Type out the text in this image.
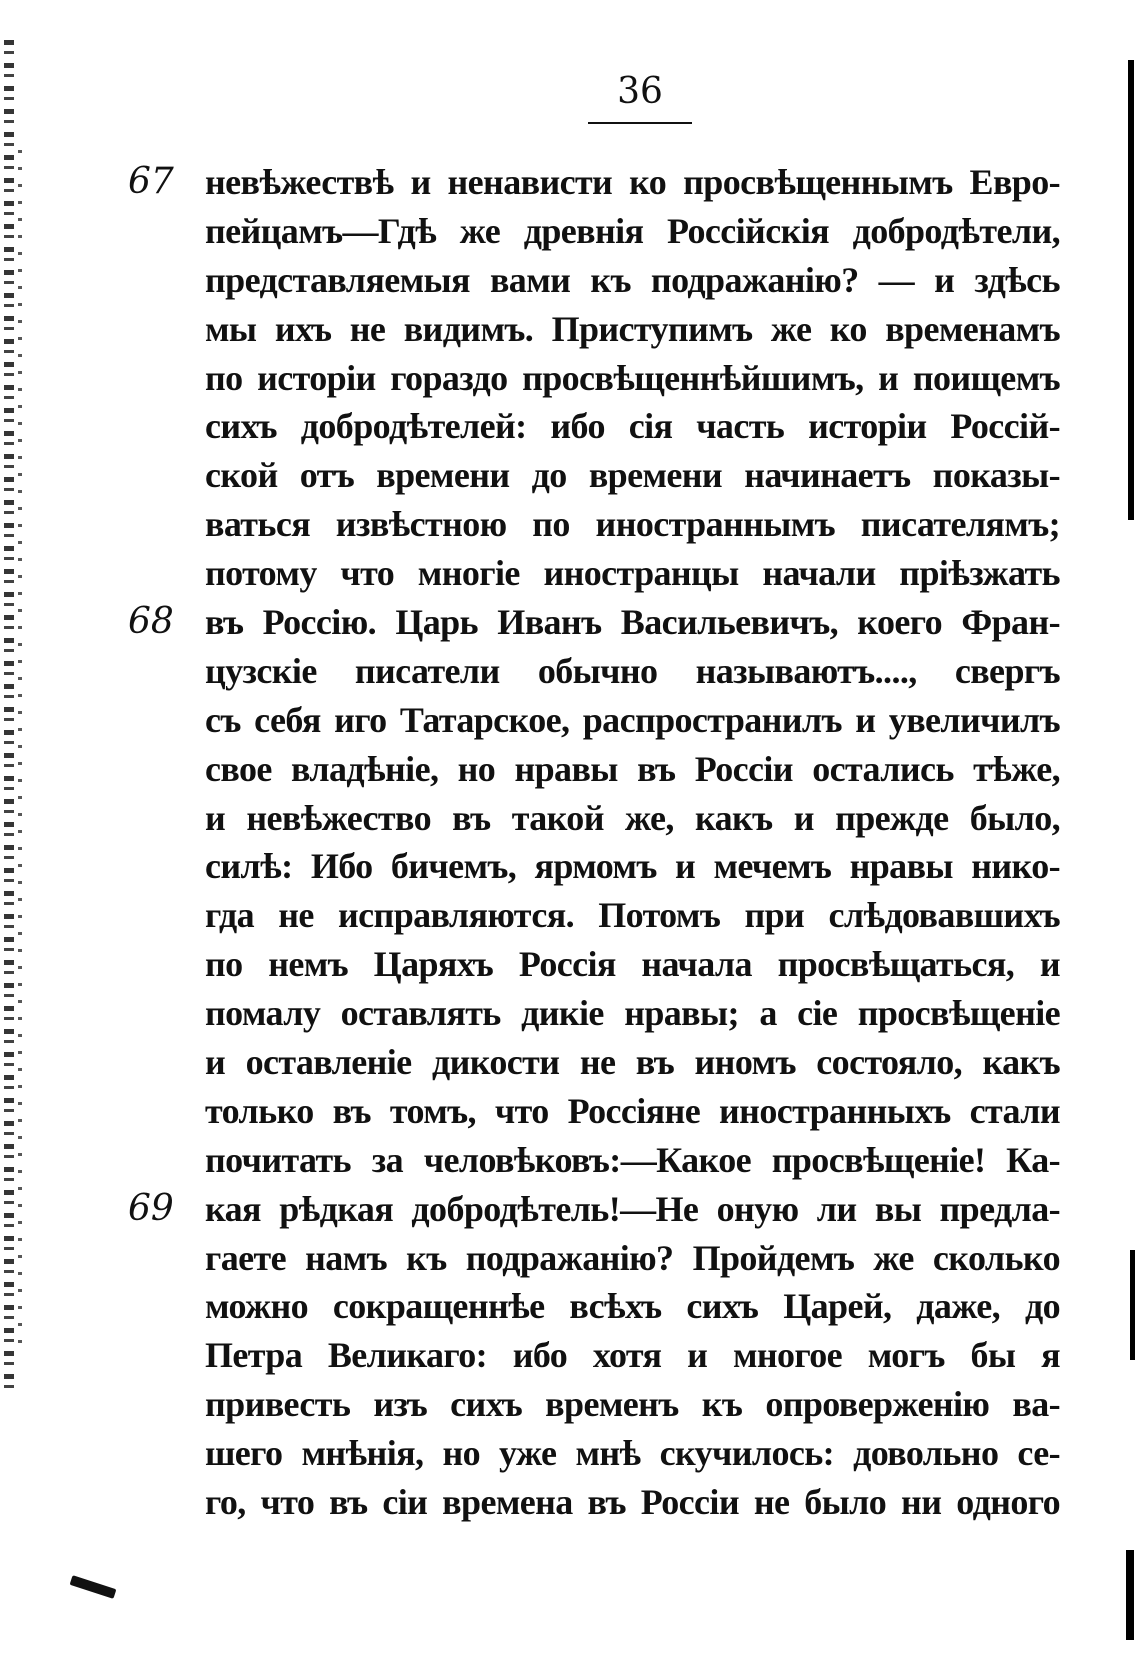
36
67
68
69
невѣжествѣ и ненависти ко просвѣщеннымъ Евро-
пейцамъ—Гдѣ же древнія Россійскія добродѣтели,
представляемыя вами къ подражанію? — и здѣсь
мы ихъ не видимъ. Приступимъ же ко временамъ
по исторіи гораздо просвѣщеннѣйшимъ, и поищемъ
сихъ добродѣтелей: ибо сія часть исторіи Россій-
ской отъ времени до времени начинаетъ показы-
ваться извѣстною по иностраннымъ писателямъ;
потому что многіе иностранцы начали пріѣзжать
въ Россію. Царь Иванъ Васильевичъ, коего Фран-
цузскіе писатели обычно называютъ...., свергъ
съ себя иго Татарское, распространилъ и увеличилъ
свое владѣніе, но нравы въ Россіи остались тѣже,
и невѣжество въ такой же, какъ и прежде было,
силѣ: Ибо бичемъ, ярмомъ и мечемъ нравы нико-
гда не исправляются. Потомъ при слѣдовавшихъ
по немъ Царяхъ Россія начала просвѣщаться, и
помалу оставлять дикіе нравы; а сіе просвѣщеніе
и оставленіе дикости не въ иномъ состояло, какъ
только въ томъ, что Россіяне иностранныхъ стали
почитать за человѣковъ:—Какое просвѣщеніе! Ка-
кая рѣдкая добродѣтель!—Не оную ли вы предла-
гаете намъ къ подражанію? Пройдемъ же сколько
можно сокращеннѣе всѣхъ сихъ Царей, даже, до
Петра Великаго: ибо хотя и многое могъ бы я
привесть изъ сихъ временъ къ опроверженію ва-
шего мнѣнія, но уже мнѣ скучилось: довольно се-
го, что въ сіи времена въ Россіи не было ни одного
